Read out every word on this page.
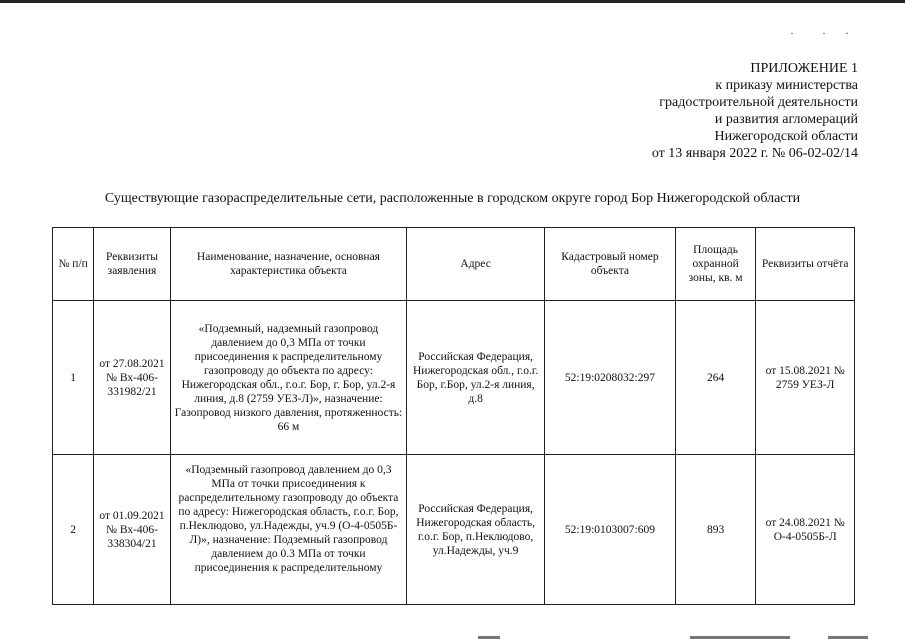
· · ·
ПРИЛОЖЕНИЕ 1
к приказу министерства
градостроительной деятельности
и развития агломераций
Нижегородской области
от 13 января 2022 г. № 06-02-02/14
Существующие газораспределительные сети, расположенные в городском округе город Бор Нижегородской области
№ п/п	Реквизиты заявления	Наименование, назначение, основная характеристика объекта	Адрес	Кадастровый номер объекта	Площадь охранной зоны, кв. м	Реквизиты отчёта
1	от 27.08.2021 № Вх-406-331982/21	«Подземный, надземный газопровод давлением до 0,3 МПа от точки присоединения к распределительному газопроводу до объекта по адресу: Нижегородская обл., г.о.г. Бор, г. Бор, ул.2-я линия, д.8 (2759 УЕЗ-Л)», назначение: Газопровод низкого давления, протяженность: 66 м	Российская Федерация, Нижегородская обл., г.о.г. Бор, г.Бор, ул.2-я линия, д.8	52:19:0208032:297	264	от 15.08.2021 № 2759 УЕЗ-Л
2	от 01.09.2021 № Вх-406-338304/21	«Подземный газопровод давлением до 0,3 МПа от точки присоединения к распределительному газопроводу до объекта по адресу: Нижегородская область, г.о.г. Бор, п.Неклюдово, ул.Надежды, уч.9 (О-4-0505Б-Л)», назначение: Подземный газопровод давлением до 0.3 МПа от точки присоединения к распределительному	Российская Федерация, Нижегородская область, г.о.г. Бор, п.Неклюдово, ул.Надежды, уч.9	52:19:0103007:609	893	от 24.08.2021 № О-4-0505Б-Л
